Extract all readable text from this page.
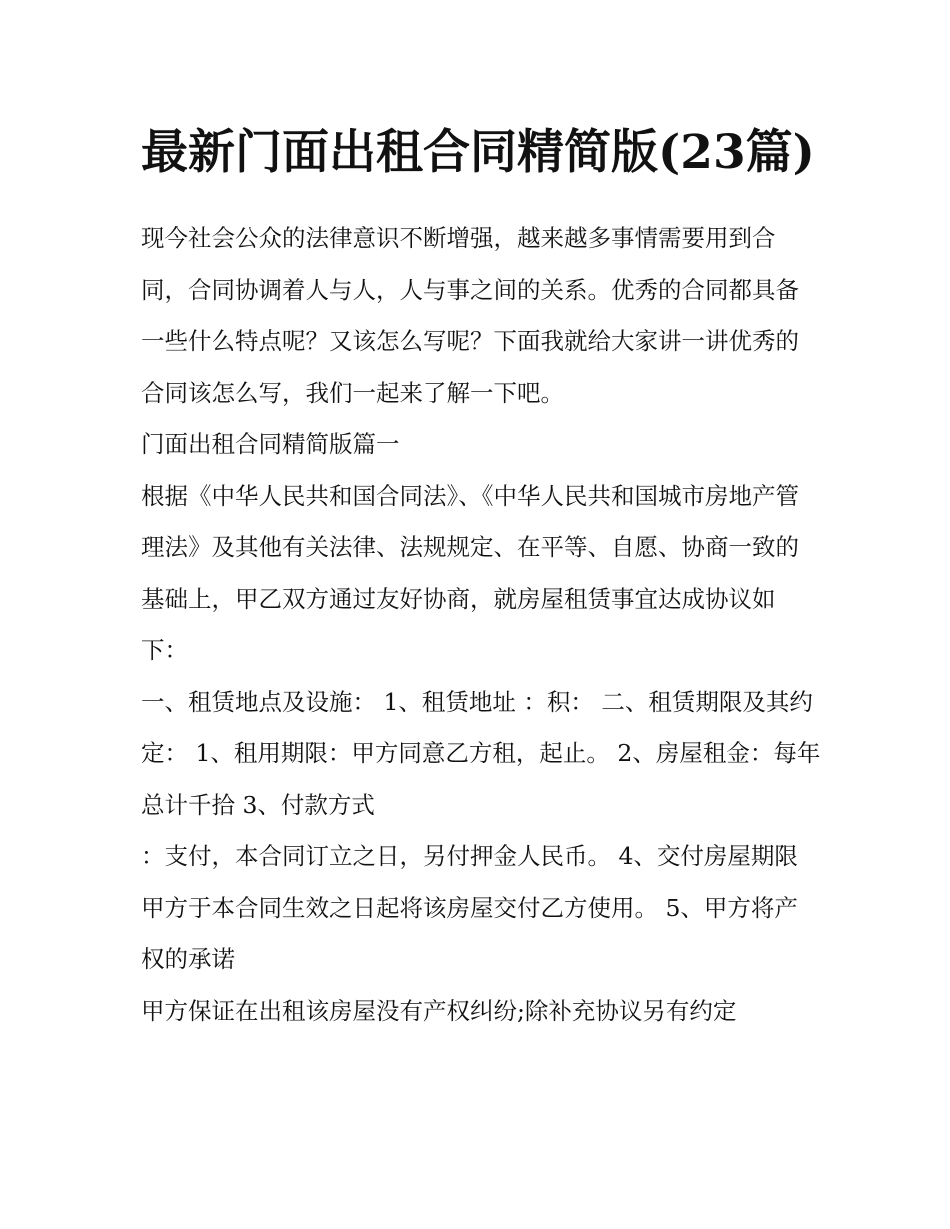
最新门面出租合同精简版(23篇)

现今社会公众的法律意识不断增强，越来越多事情需要用到合同，合同协调着人与人，人与事之间的关系。优秀的合同都具备一些什么特点呢？又该怎么写呢？下面我就给大家讲一讲优秀的合同该怎么写，我们一起来了解一下吧。

门面出租合同精简版篇一

根据《中华人民共和国合同法》、《中华人民共和国城市房地产管理法》及其他有关法律、法规规定、在平等、自愿、协商一致的基础上，甲乙双方通过友好协商，就房屋租赁事宜达成协议如下：

一、租赁地点及设施： 1、租赁地址 ：积： 二、租赁期限及其约定： 1、租用期限：甲方同意乙方租，起止。 2、房屋租金：每年总计千拾 3、付款方式

：支付，本合同订立之日，另付押金人民币。 4、交付房屋期限 甲方于本合同生效之日起将该房屋交付乙方使用。 5、甲方将产权的承诺

甲方保证在出租该房屋没有产权纠纷;除补充协议另有约定
